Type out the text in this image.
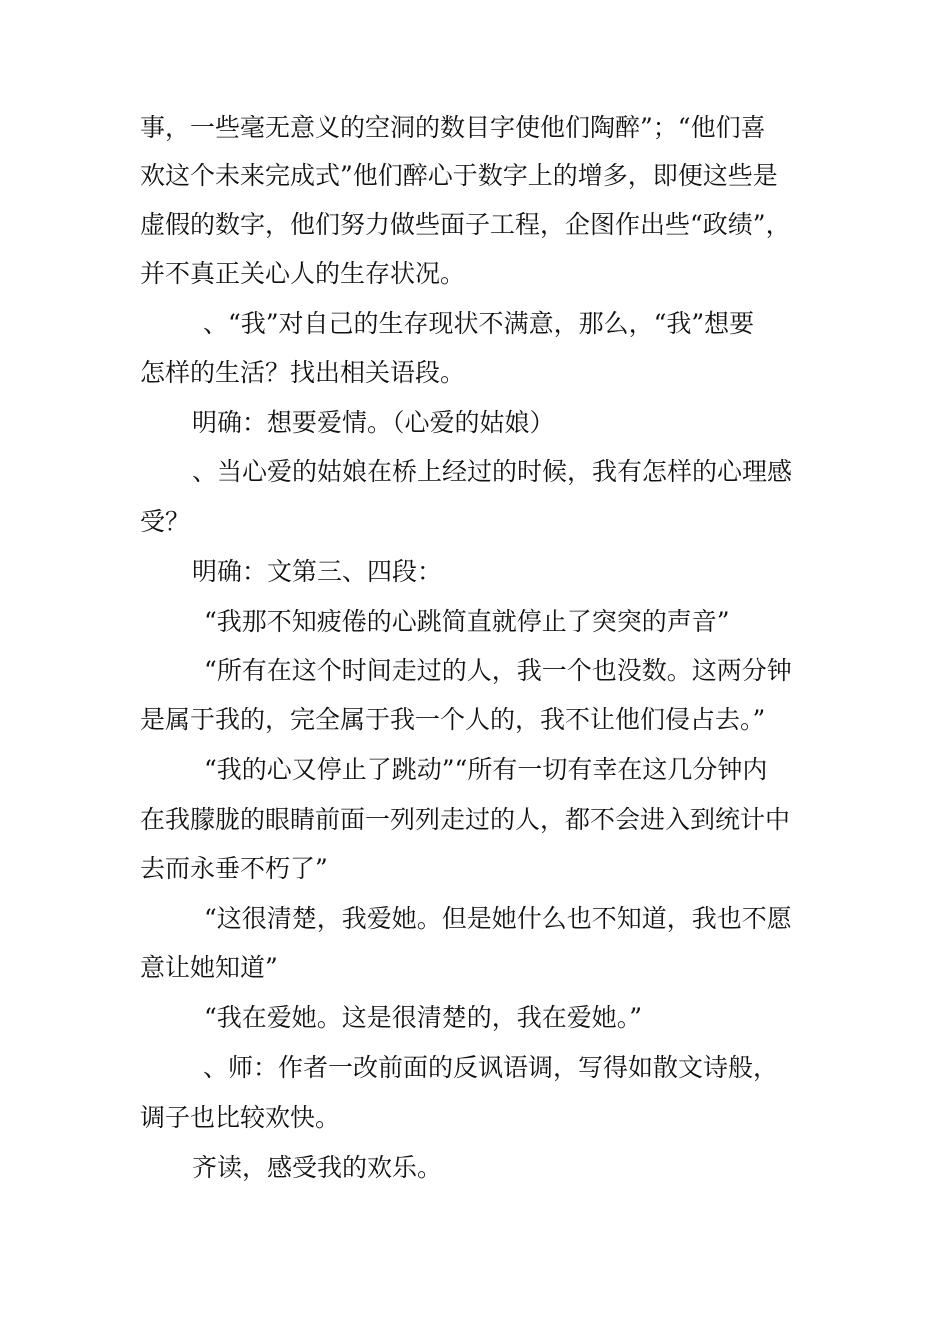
事，一些毫无意义的空洞的数目字使他们陶醉”；“他们喜
欢这个未来完成式”他们醉心于数字上的增多，即便这些是
虚假的数字，他们努力做些面子工程，企图作出些“政绩”，
并不真正关心人的生存状况。
、“我”对自己的生存现状不满意，那么，“我”想要
怎样的生活？找出相关语段。
明确：想要爱情。（心爱的姑娘）
、当心爱的姑娘在桥上经过的时候，我有怎样的心理感
受？
明确：文第三、四段：
“我那不知疲倦的心跳简直就停止了突突的声音”
“所有在这个时间走过的人，我一个也没数。这两分钟
是属于我的，完全属于我一个人的，我不让他们侵占去。”
“我的心又停止了跳动”“所有一切有幸在这几分钟内
在我朦胧的眼睛前面一列列走过的人，都不会进入到统计中
去而永垂不朽了”
“这很清楚，我爱她。但是她什么也不知道，我也不愿
意让她知道”
“我在爱她。这是很清楚的，我在爱她。”
、师：作者一改前面的反讽语调，写得如散文诗般，
调子也比较欢快。
齐读，感受我的欢乐。
